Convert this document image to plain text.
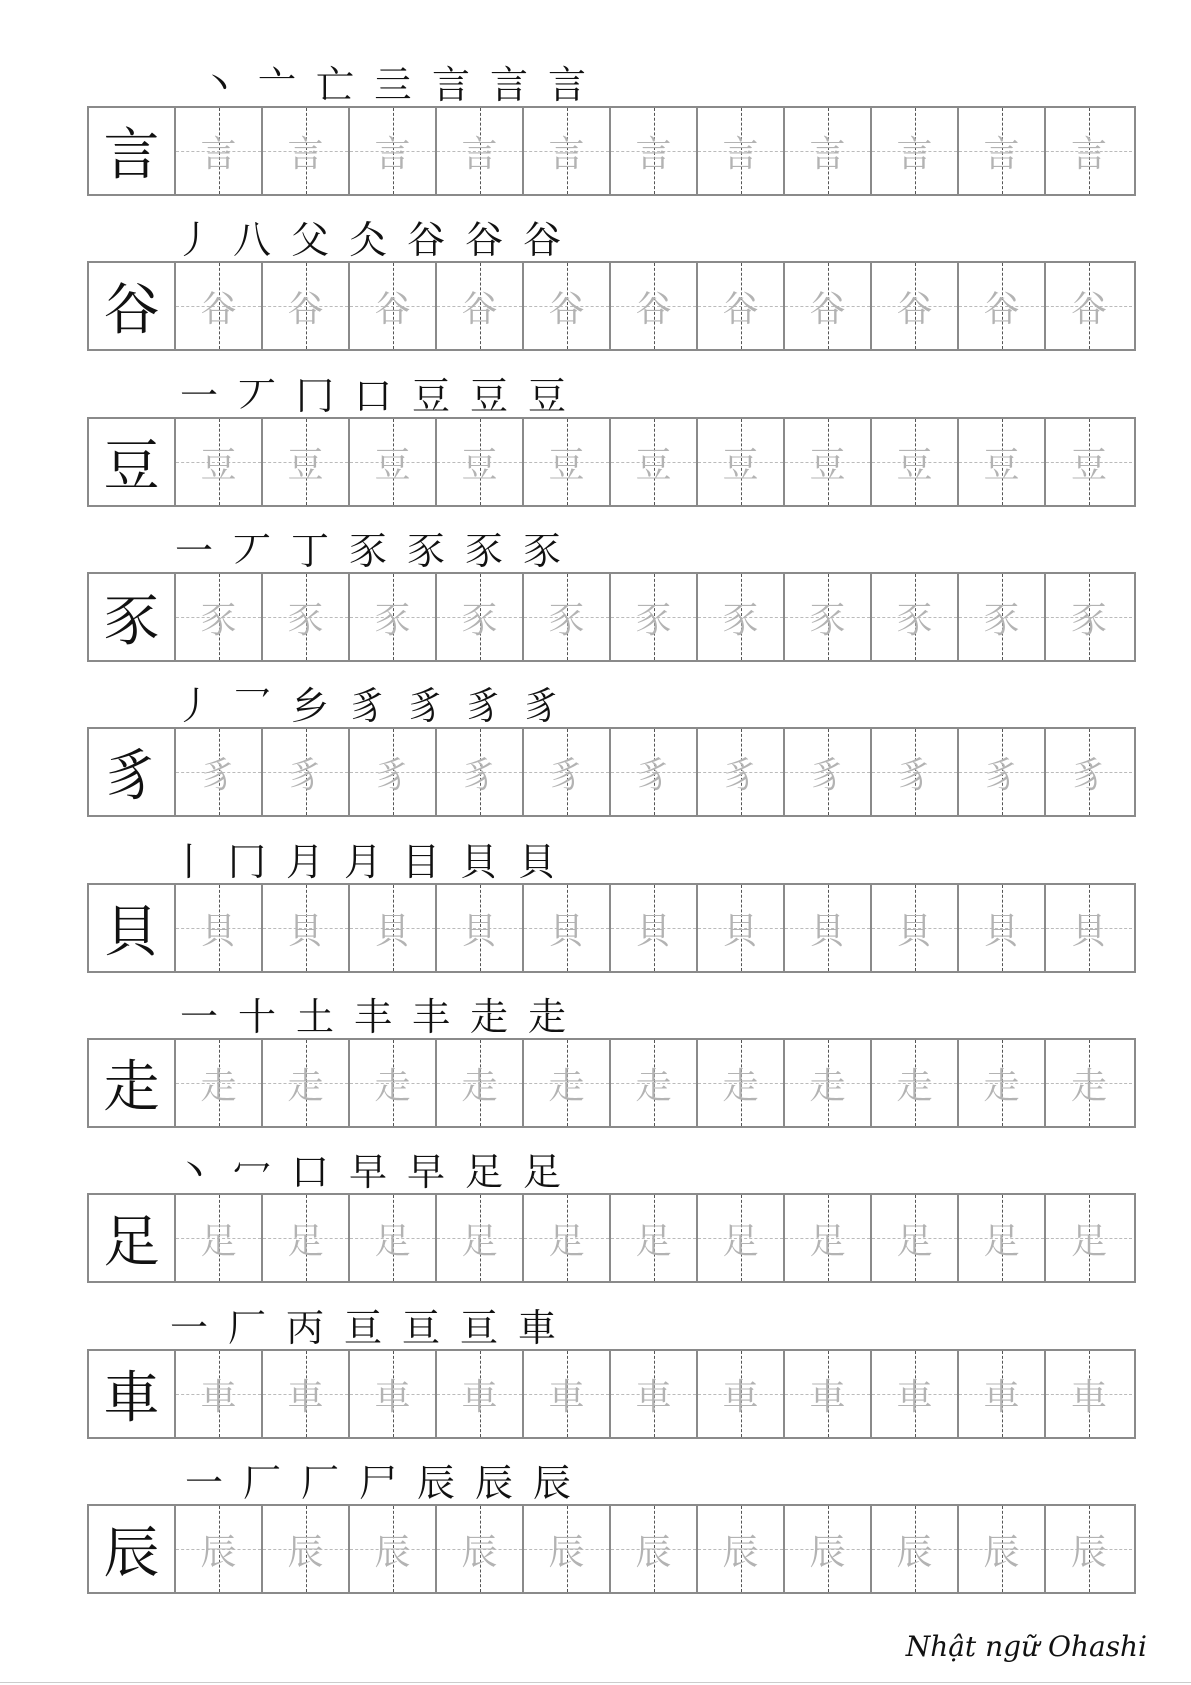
Nhật ngữ Ohashi
丶 亠 亡 亖 言 言 言
言	言	言	言	言	言	言	言	言	言	言	言
丿 八 父 仌 谷 谷 谷
谷	谷	谷	谷	谷	谷	谷	谷	谷	谷	谷	谷
一 丆 冂 口 豆 豆 豆
豆	豆	豆	豆	豆	豆	豆	豆	豆	豆	豆	豆
一 丆 丁 豕 豕 豕 豕
豕	豕	豕	豕	豕	豕	豕	豕	豕	豕	豕	豕
丿 乛 乡 豸 豸 豸 豸
豸	豸	豸	豸	豸	豸	豸	豸	豸	豸	豸	豸
丨 冂 月 月 目 貝 貝
貝	貝	貝	貝	貝	貝	貝	貝	貝	貝	貝	貝
一 十 土 丰 丰 走 走
走	走	走	走	走	走	走	走	走	走	走	走
丶 冖 口 早 早 足 足
足	足	足	足	足	足	足	足	足	足	足	足
一 厂 丙 亘 亘 亘 車
車	車	車	車	車	車	車	車	車	車	車	車
一 厂 厂 尸 辰 辰 辰
辰	辰	辰	辰	辰	辰	辰	辰	辰	辰	辰	辰
